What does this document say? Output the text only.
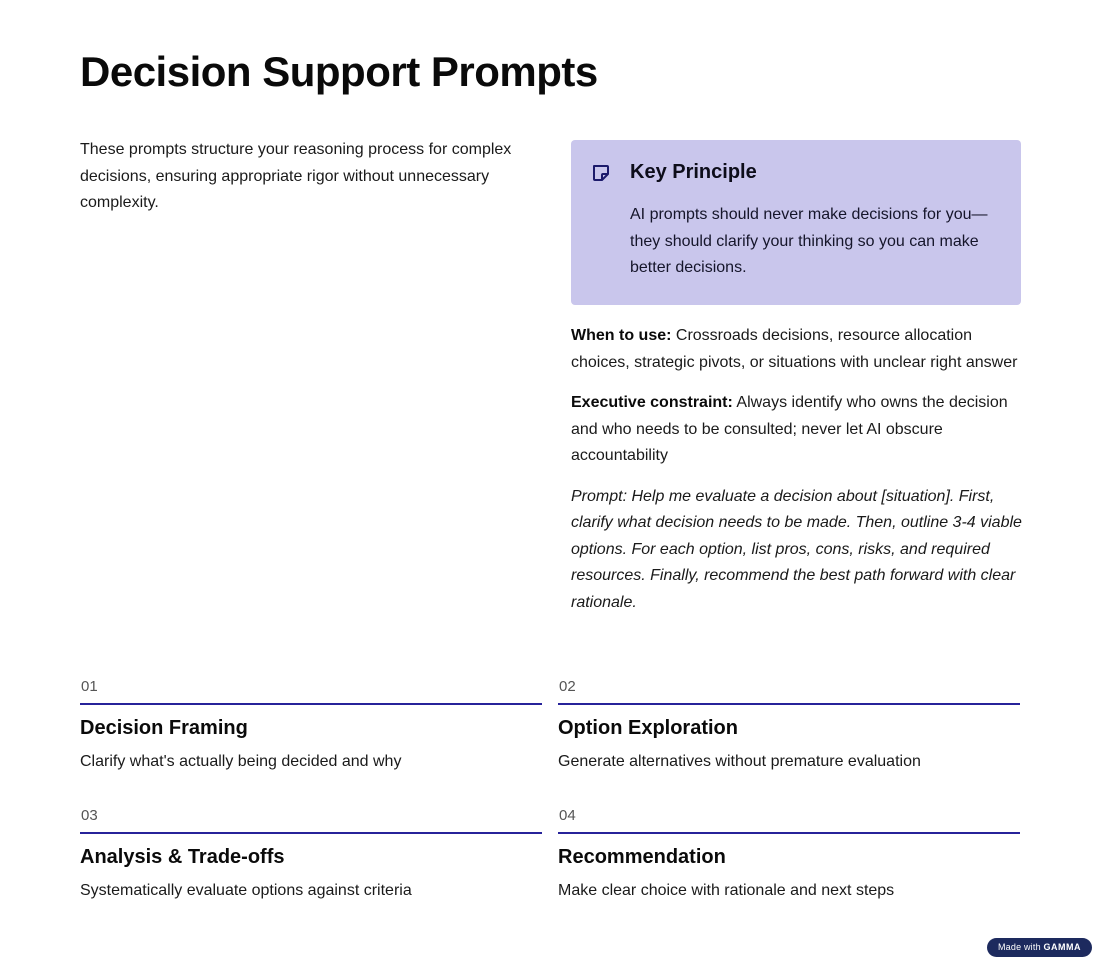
Decision Support Prompts

These prompts structure your reasoning process for complex decisions, ensuring appropriate rigor without unnecessary complexity.

Key Principle
AI prompts should never make decisions for you—they should clarify your thinking so you can make better decisions.

When to use: Crossroads decisions, resource allocation choices, strategic pivots, or situations with unclear right answer

Executive constraint: Always identify who owns the decision and who needs to be consulted; never let AI obscure accountability

Prompt: Help me evaluate a decision about [situation]. First, clarify what decision needs to be made. Then, outline 3-4 viable options. For each option, list pros, cons, risks, and required resources. Finally, recommend the best path forward with clear rationale.

01
Decision Framing
Clarify what's actually being decided and why
02
Option Exploration
Generate alternatives without premature evaluation
03
Analysis & Trade-offs
Systematically evaluate options against criteria
04
Recommendation
Make clear choice with rationale and next steps
Made with GAMMA
